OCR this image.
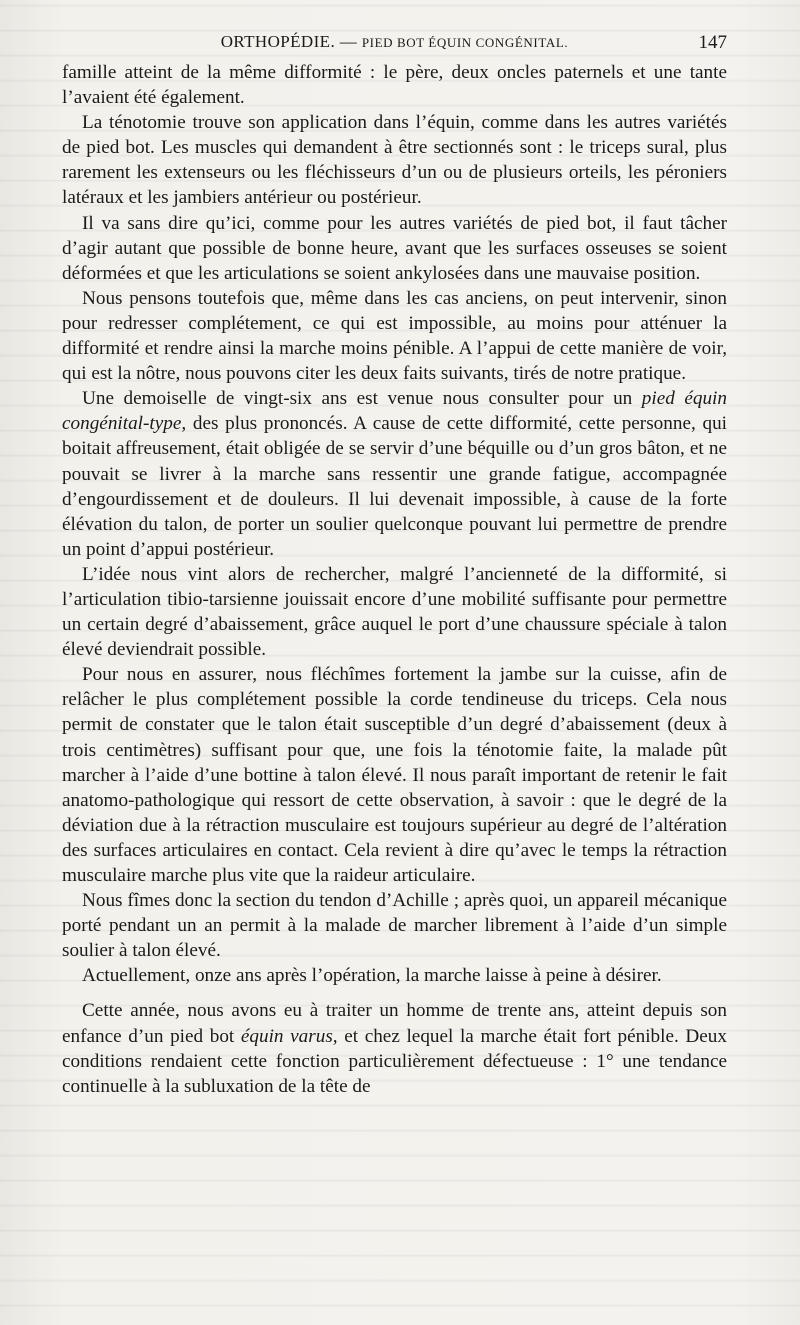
ORTHOPÉDIE. — PIED BOT ÉQUIN CONGÉNITAL.	147

famille atteint de la même difformité : le père, deux oncles paternels et une tante l’avaient été également.

La ténotomie trouve son application dans l’équin, comme dans les autres variétés de pied bot. Les muscles qui demandent à être sectionnés sont : le triceps sural, plus rarement les extenseurs ou les fléchisseurs d’un ou de plusieurs orteils, les péroniers latéraux et les jambiers antérieur ou postérieur.

Il va sans dire qu’ici, comme pour les autres variétés de pied bot, il faut tâcher d’agir autant que possible de bonne heure, avant que les surfaces osseuses se soient déformées et que les articulations se soient ankylosées dans une mauvaise position.

Nous pensons toutefois que, même dans les cas anciens, on peut intervenir, sinon pour redresser complétement, ce qui est impossible, au moins pour atténuer la difformité et rendre ainsi la marche moins pénible. A l’appui de cette manière de voir, qui est la nôtre, nous pouvons citer les deux faits suivants, tirés de notre pratique.

Une demoiselle de vingt-six ans est venue nous consulter pour un pied équin congénital-type, des plus prononcés. A cause de cette difformité, cette personne, qui boitait affreusement, était obligée de se servir d’une béquille ou d’un gros bâton, et ne pouvait se livrer à la marche sans ressentir une grande fatigue, accompagnée d’engourdissement et de douleurs. Il lui devenait impossible, à cause de la forte élévation du talon, de porter un soulier quelconque pouvant lui permettre de prendre un point d’appui postérieur.

L’idée nous vint alors de rechercher, malgré l’ancienneté de la difformité, si l’articulation tibio-tarsienne jouissait encore d’une mobilité suffisante pour permettre un certain degré d’abaissement, grâce auquel le port d’une chaussure spéciale à talon élevé deviendrait possible.

Pour nous en assurer, nous fléchîmes fortement la jambe sur la cuisse, afin de relâcher le plus complétement possible la corde tendineuse du triceps. Cela nous permit de constater que le talon était susceptible d’un degré d’abaissement (deux à trois centimètres) suffisant pour que, une fois la ténotomie faite, la malade pût marcher à l’aide d’une bottine à talon élevé. Il nous paraît important de retenir le fait anatomo-pathologique qui ressort de cette observation, à savoir : que le degré de la déviation due à la rétraction musculaire est toujours supérieur au degré de l’altération des surfaces articulaires en contact. Cela revient à dire qu’avec le temps la rétraction musculaire marche plus vite que la raideur articulaire.

Nous fîmes donc la section du tendon d’Achille ; après quoi, un appareil mécanique porté pendant un an permit à la malade de marcher librement à l’aide d’un simple soulier à talon élevé.

Actuellement, onze ans après l’opération, la marche laisse à peine à désirer.

Cette année, nous avons eu à traiter un homme de trente ans, atteint depuis son enfance d’un pied bot équin varus, et chez lequel la marche était fort pénible. Deux conditions rendaient cette fonction particulièrement défectueuse : 1° une tendance continuelle à la subluxation de la tête de
